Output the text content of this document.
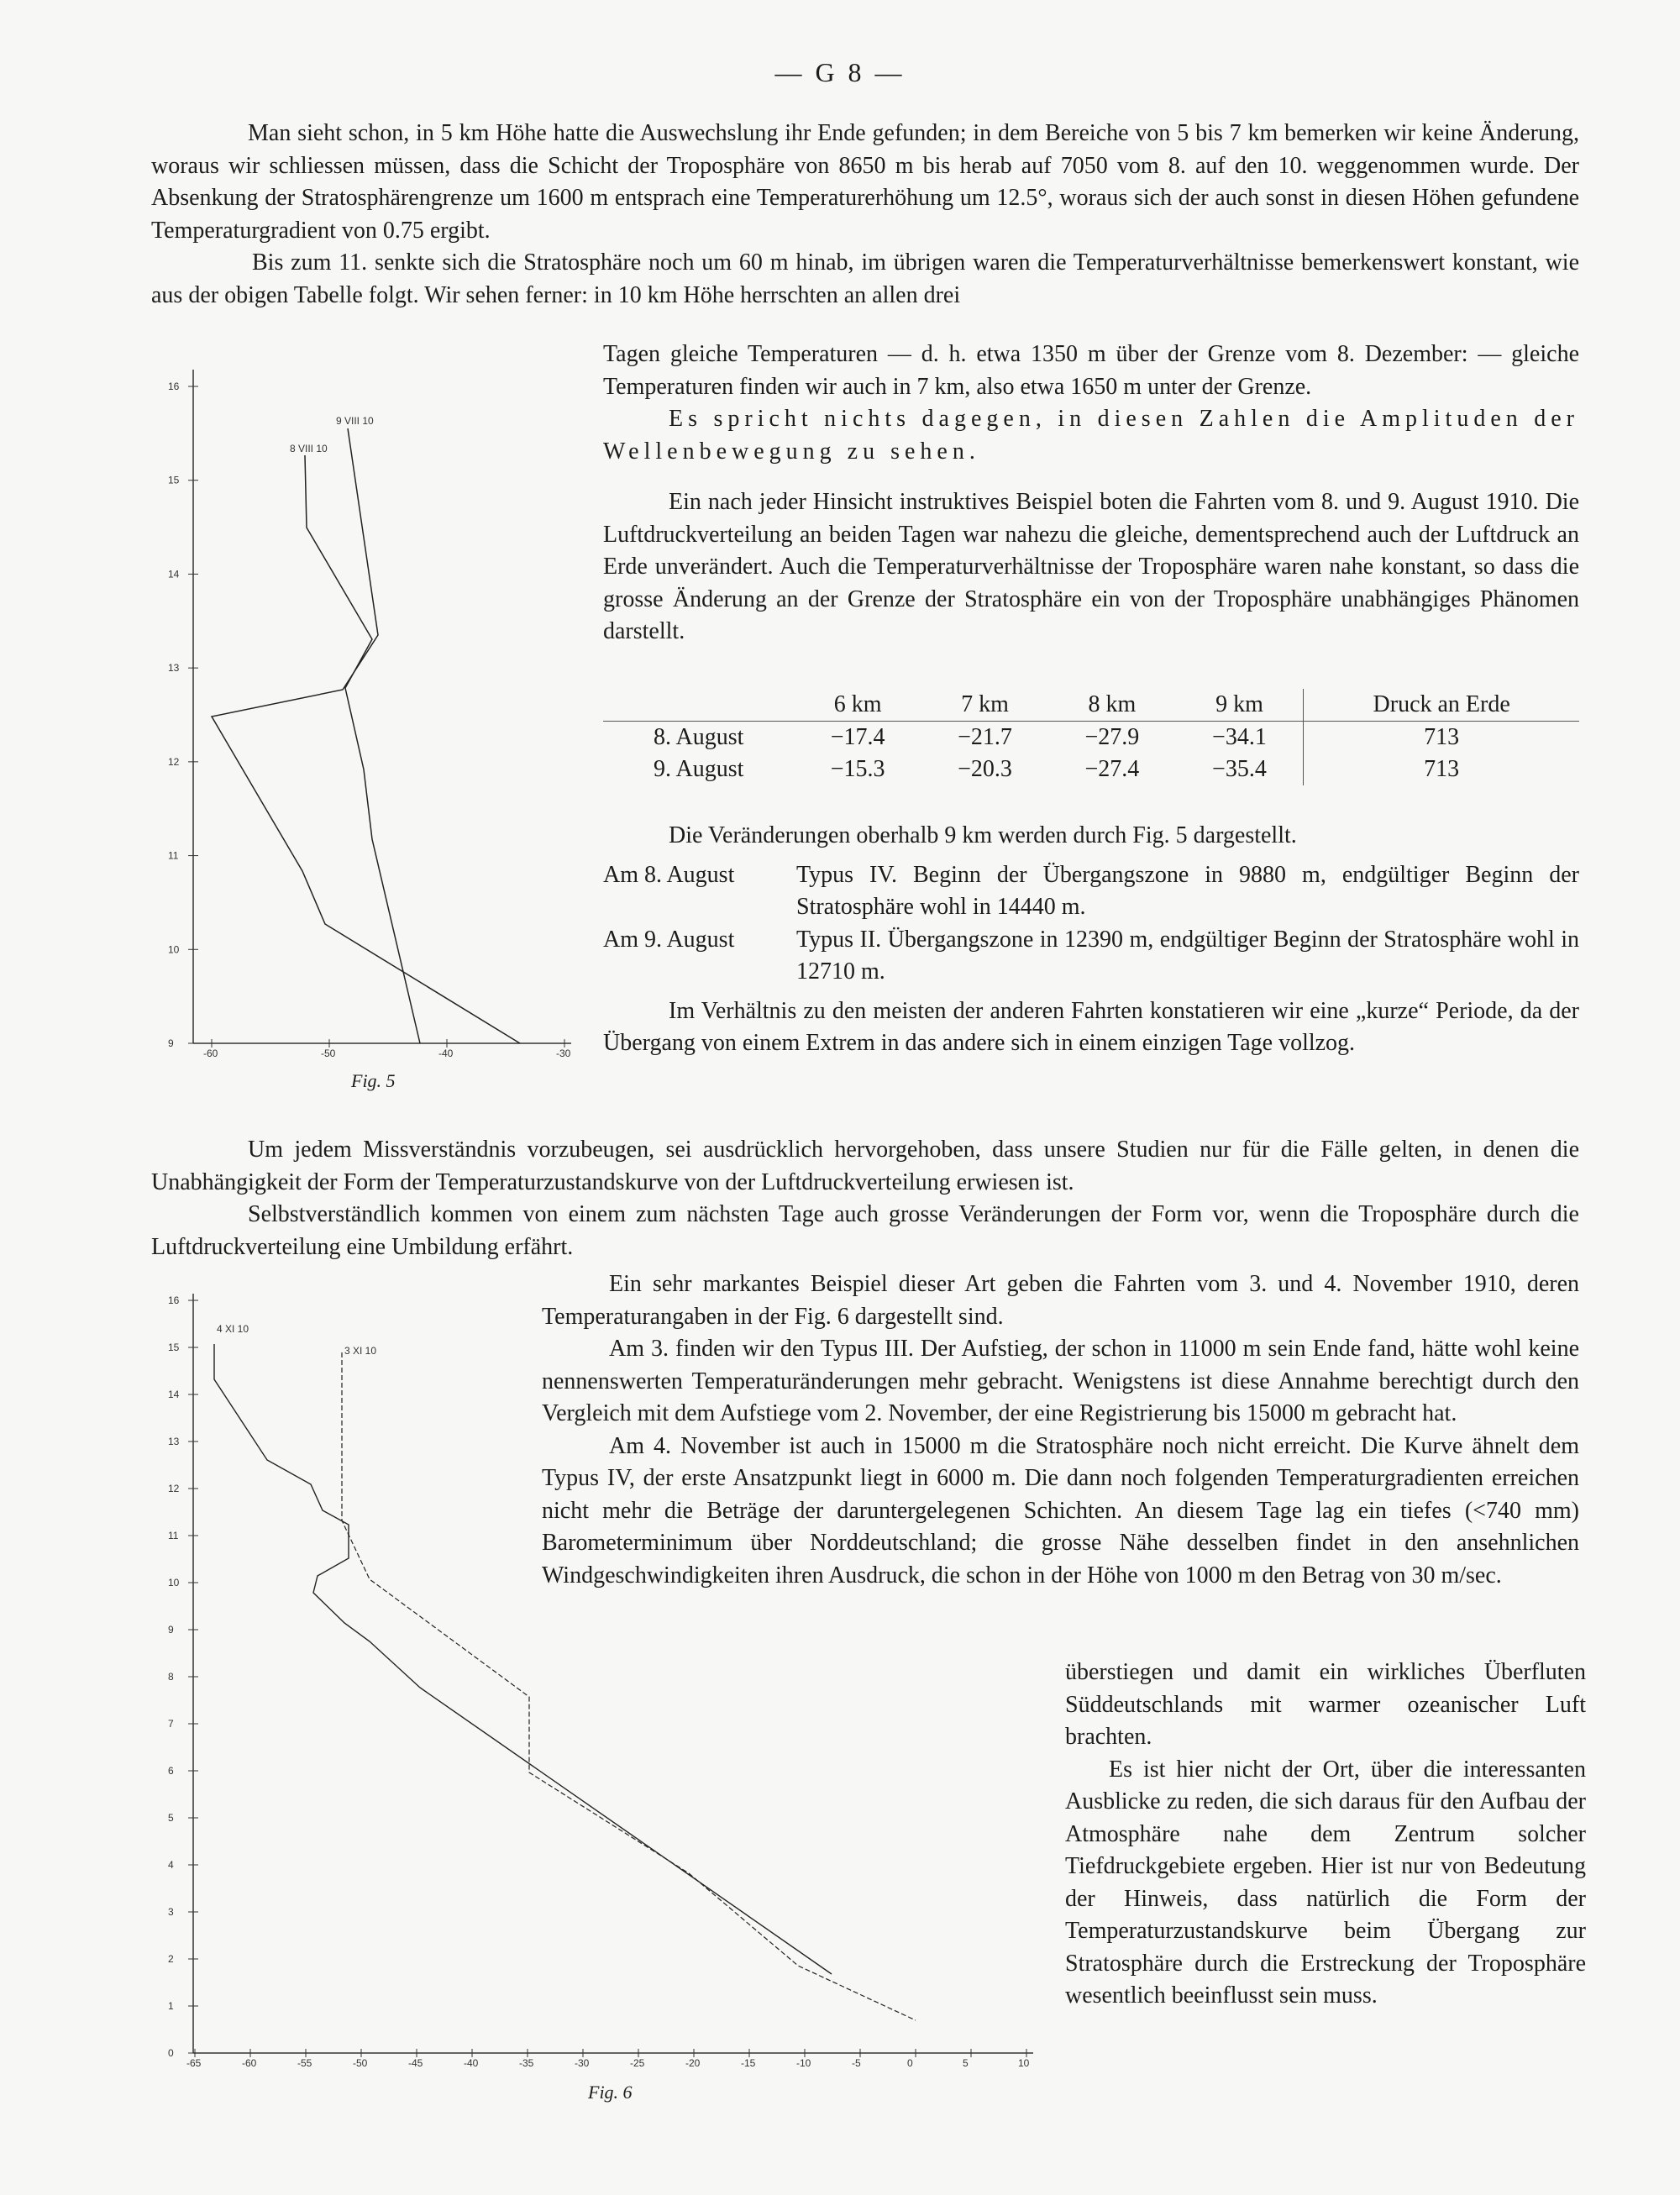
— G 8 —

Man sieht schon, in 5 km Höhe hatte die Auswechslung ihr Ende gefunden; in dem Bereiche von 5 bis 7 km bemerken wir keine Änderung, woraus wir schliessen müssen, dass die Schicht der Troposphäre von 8650 m bis herab auf 7050 vom 8. auf den 10. weggenommen wurde. Der Absenkung der Stratosphärengrenze um 1600 m entsprach eine Temperaturerhöhung um 12.5°, woraus sich der auch sonst in diesen Höhen gefundene Temperaturgradient von 0.75 ergibt.

Bis zum 11. senkte sich die Stratosphäre noch um 60 m hinab, im übrigen waren die Temperaturverhältnisse bemerkenswert konstant, wie aus der obigen Tabelle folgt. Wir sehen ferner: in 10 km Höhe herrschten an allen drei

16
15
14
13
12
11
10
9
-60	-50	-40	-30
9 VIII 10
8 VIII 10
Fig. 5

Tagen gleiche Temperaturen — d. h. etwa 1350 m über der Grenze vom 8. Dezember: — gleiche Temperaturen finden wir auch in 7 km, also etwa 1650 m unter der Grenze.

Es spricht nichts dagegen, in diesen Zahlen die Amplituden der Wellenbewegung zu sehen.

Ein nach jeder Hinsicht instruktives Beispiel boten die Fahrten vom 8. und 9. August 1910. Die Luftdruckverteilung an beiden Tagen war nahezu die gleiche, dementsprechend auch der Luftdruck an Erde unverändert. Auch die Temperaturverhältnisse der Troposphäre waren nahe konstant, so dass die grosse Änderung an der Grenze der Stratosphäre ein von der Troposphäre unabhängiges Phänomen darstellt.

	6 km	7 km	8 km	9 km	Druck an Erde
8. August	−17.4	−21.7	−27.9	−34.1	713
9. August	−15.3	−20.3	−27.4	−35.4	713

Die Veränderungen oberhalb 9 km werden durch Fig. 5 dargestellt.

Am 8. August	Typus IV. Beginn der Übergangszone in 9880 m, endgültiger Beginn der Stratosphäre wohl in 14440 m.
Am 9. August	Typus II. Übergangszone in 12390 m, endgültiger Beginn der Stratosphäre wohl in 12710 m.

Im Verhältnis zu den meisten der anderen Fahrten konstatieren wir eine „kurze“ Periode, da der Übergang von einem Extrem in das andere sich in einem einzigen Tage vollzog.

Um jedem Missverständnis vorzubeugen, sei ausdrücklich hervorgehoben, dass unsere Studien nur für die Fälle gelten, in denen die Unabhängigkeit der Form der Temperaturzustandskurve von der Luftdruckverteilung erwiesen ist.

Selbstverständlich kommen von einem zum nächsten Tage auch grosse Veränderungen der Form vor, wenn die Troposphäre durch die Luftdruckverteilung eine Umbildung erfährt.

16
15
14
13
12
11
10
9
8
7
6
5
4
3
2
1
0
-65	-60	-55	-50	-45	-40	-35	-30	-25	-20	-15	-10	-5	0	5	10
4 XI 10
3 XI 10
Fig. 6

Ein sehr markantes Beispiel dieser Art geben die Fahrten vom 3. und 4. November 1910, deren Temperaturangaben in der Fig. 6 dargestellt sind.

Am 3. finden wir den Typus III. Der Aufstieg, der schon in 11000 m sein Ende fand, hätte wohl keine nennenswerten Temperaturänderungen mehr gebracht. Wenigstens ist diese Annahme berechtigt durch den Vergleich mit dem Aufstiege vom 2. November, der eine Registrierung bis 15000 m gebracht hat.

Am 4. November ist auch in 15000 m die Stratosphäre noch nicht erreicht. Die Kurve ähnelt dem Typus IV, der erste Ansatzpunkt liegt in 6000 m. Die dann noch folgenden Temperaturgradienten erreichen nicht mehr die Beträge der daruntergelegenen Schichten. An diesem Tage lag ein tiefes (<740 mm) Barometerminimum über Norddeutschland; die grosse Nähe desselben findet in den ansehnlichen Windgeschwindigkeiten ihren Ausdruck, die schon in der Höhe von 1000 m den Betrag von 30 m/sec.

überstiegen und damit ein wirkliches Überfluten Süddeutschlands mit warmer ozeanischer Luft brachten.

Es ist hier nicht der Ort, über die interessanten Ausblicke zu reden, die sich daraus für den Aufbau der Atmosphäre nahe dem Zentrum solcher Tiefdruckgebiete ergeben. Hier ist nur von Bedeutung der Hinweis, dass natürlich die Form der Temperaturzustandskurve beim Übergang zur Stratosphäre durch die Erstreckung der Troposphäre wesentlich beeinflusst sein muss.
